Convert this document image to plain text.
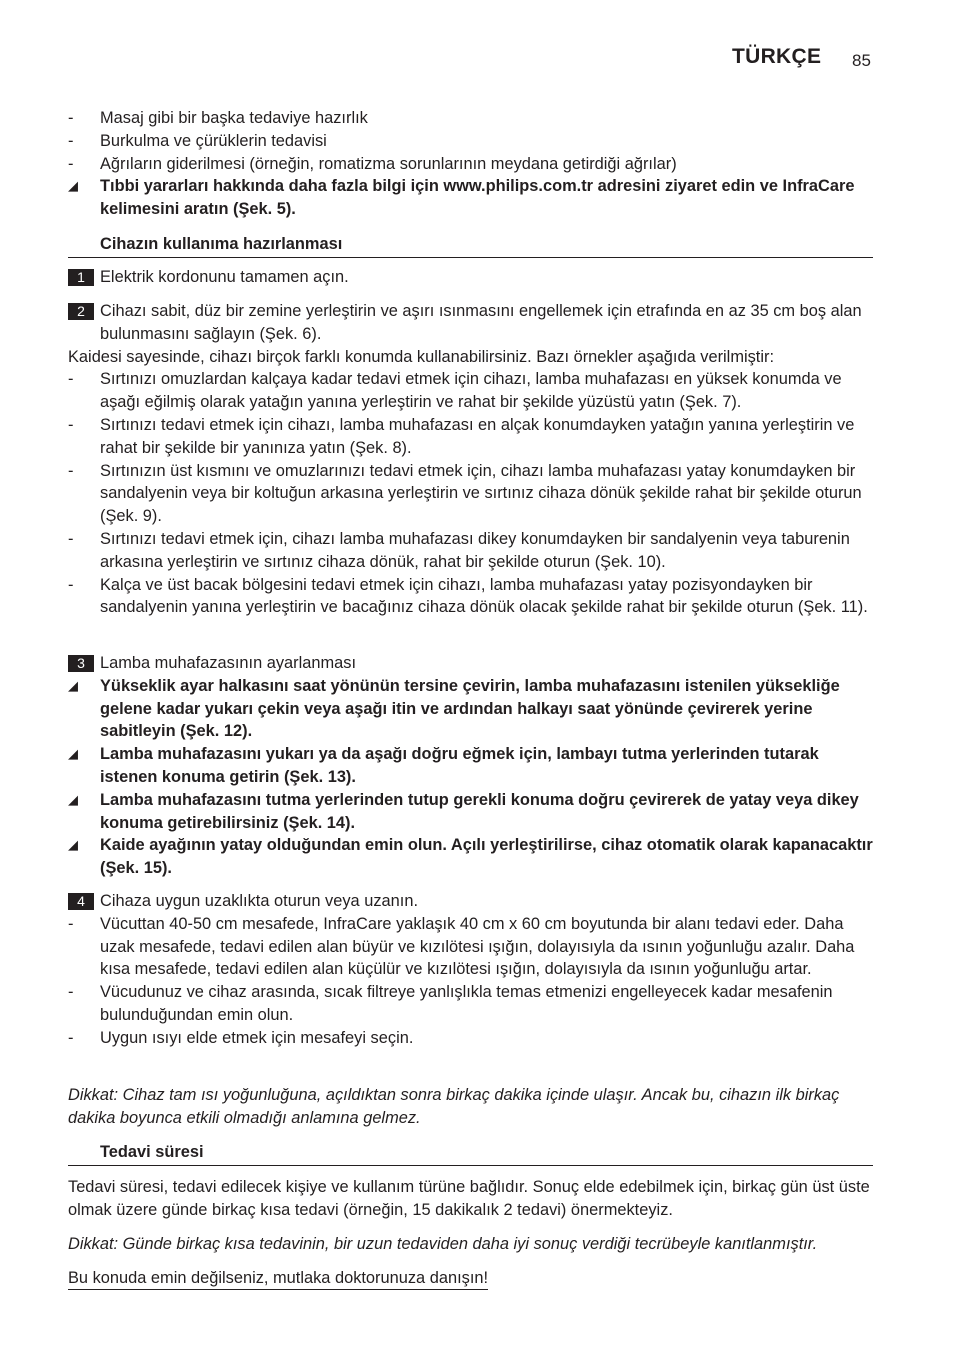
TÜRKÇE 85
- Masaj gibi bir başka tedaviye hazırlık
- Burkulma ve çürüklerin tedavisi
- Ağrıların giderilmesi (örneğin, romatizma sorunlarının meydana getirdiği ağrılar)
◢ Tıbbi yararları hakkında daha fazla bilgi için www.philips.com.tr adresini ziyaret edin ve InfraCare kelimesini aratın (Şek. 5).
Cihazın kullanıma hazırlanması
1 Elektrik kordonunu tamamen açın.
2 Cihazı sabit, düz bir zemine yerleştirin ve aşırı ısınmasını engellemek için etrafında en az 35 cm boş alan bulunmasını sağlayın (Şek. 6).
Kaidesi sayesinde, cihazı birçok farklı konumda kullanabilirsiniz. Bazı örnekler aşağıda verilmiştir:
- Sırtınızı omuzlardan kalçaya kadar tedavi etmek için cihazı, lamba muhafazası en yüksek konumda ve aşağı eğilmiş olarak yatağın yanına yerleştirin ve rahat bir şekilde yüzüstü yatın (Şek. 7).
- Sırtınızı tedavi etmek için cihazı, lamba muhafazası en alçak konumdayken yatağın yanına yerleştirin ve rahat bir şekilde bir yanınıza yatın (Şek. 8).
- Sırtınızın üst kısmını ve omuzlarınızı tedavi etmek için, cihazı lamba muhafazası yatay konumdayken bir sandalyenin veya bir koltuğun arkasına yerleştirin ve sırtınız cihaza dönük şekilde rahat bir şekilde oturun (Şek. 9).
- Sırtınızı tedavi etmek için, cihazı lamba muhafazası dikey konumdayken bir sandalyenin veya taburenin arkasına yerleştirin ve sırtınız cihaza dönük, rahat bir şekilde oturun (Şek. 10).
- Kalça ve üst bacak bölgesini tedavi etmek için cihazı, lamba muhafazası yatay pozisyondayken bir sandalyenin yanına yerleştirin ve bacağınız cihaza dönük olacak şekilde rahat bir şekilde oturun (Şek. 11).
3 Lamba muhafazasının ayarlanması
◢ Yükseklik ayar halkasını saat yönünün tersine çevirin, lamba muhafazasını istenilen yüksekliğe gelene kadar yukarı çekin veya aşağı itin ve ardından halkayı saat yönünde çevirerek yerine sabitleyin (Şek. 12).
◢ Lamba muhafazasını yukarı ya da aşağı doğru eğmek için, lambayı tutma yerlerinden tutarak istenen konuma getirin (Şek. 13).
◢ Lamba muhafazasını tutma yerlerinden tutup gerekli konuma doğru çevirerek de yatay veya dikey konuma getirebilirsiniz (Şek. 14).
◢ Kaide ayağının yatay olduğundan emin olun. Açılı yerleştirilirse, cihaz otomatik olarak kapanacaktır (Şek. 15).
4 Cihaza uygun uzaklıkta oturun veya uzanın.
- Vücuttan 40-50 cm mesafede, InfraCare yaklaşık 40 cm x 60 cm boyutunda bir alanı tedavi eder. Daha uzak mesafede, tedavi edilen alan büyür ve kızılötesi ışığın, dolayısıyla da ısının yoğunluğu azalır. Daha kısa mesafede, tedavi edilen alan küçülür ve kızılötesi ışığın, dolayısıyla da ısının yoğunluğu artar.
- Vücudunuz ve cihaz arasında, sıcak filtreye yanlışlıkla temas etmenizi engelleyecek kadar mesafenin bulunduğundan emin olun.
- Uygun ısıyı elde etmek için mesafeyi seçin.
Dikkat: Cihaz tam ısı yoğunluğuna, açıldıktan sonra birkaç dakika içinde ulaşır. Ancak bu, cihazın ilk birkaç dakika boyunca etkili olmadığı anlamına gelmez.
Tedavi süresi
Tedavi süresi, tedavi edilecek kişiye ve kullanım türüne bağlıdır. Sonuç elde edebilmek için, birkaç gün üst üste olmak üzere günde birkaç kısa tedavi (örneğin, 15 dakikalık 2 tedavi) önermekteyiz.
Dikkat: Günde birkaç kısa tedavinin, bir uzun tedaviden daha iyi sonuç verdiği tecrübeyle kanıtlanmıştır.
Bu konuda emin değilseniz, mutlaka doktorunuza danışın!
